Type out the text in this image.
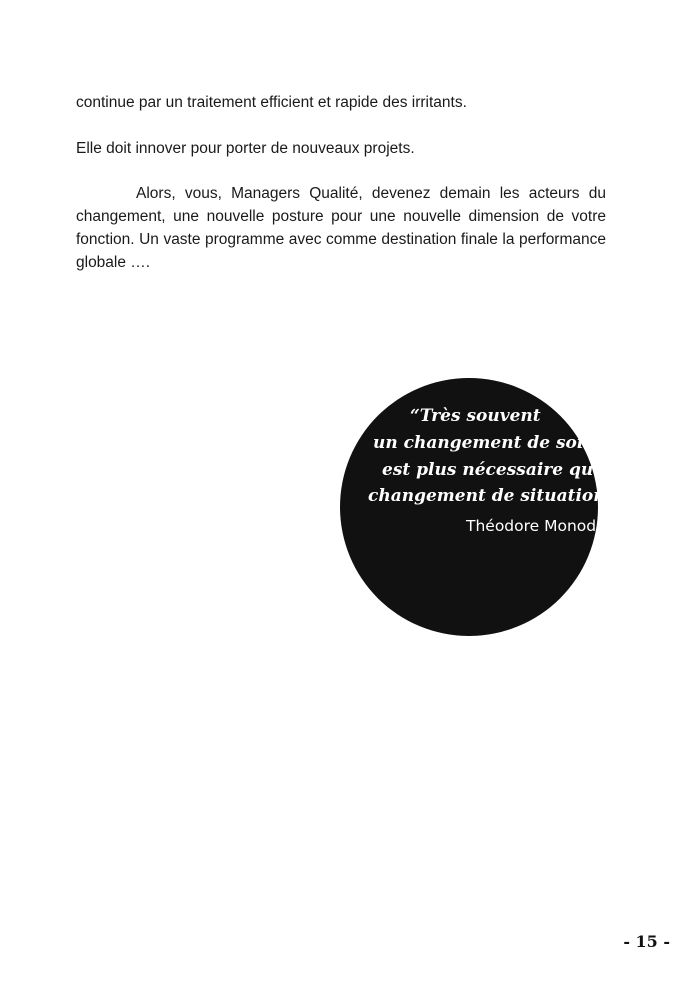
continue par un traitement efficient et rapide des irritants.

Elle doit innover pour porter de nouveaux projets.

Alors, vous, Managers Qualité, devenez demain les acteurs du changement, une nouvelle posture pour une nouvelle dimension de votre fonction. Un vaste programme avec comme destination finale la performance globale ….

“Très souvent

un changement de soi

est plus nécessaire qu’un

changement de situation”.

Théodore Monod

- 15 -
